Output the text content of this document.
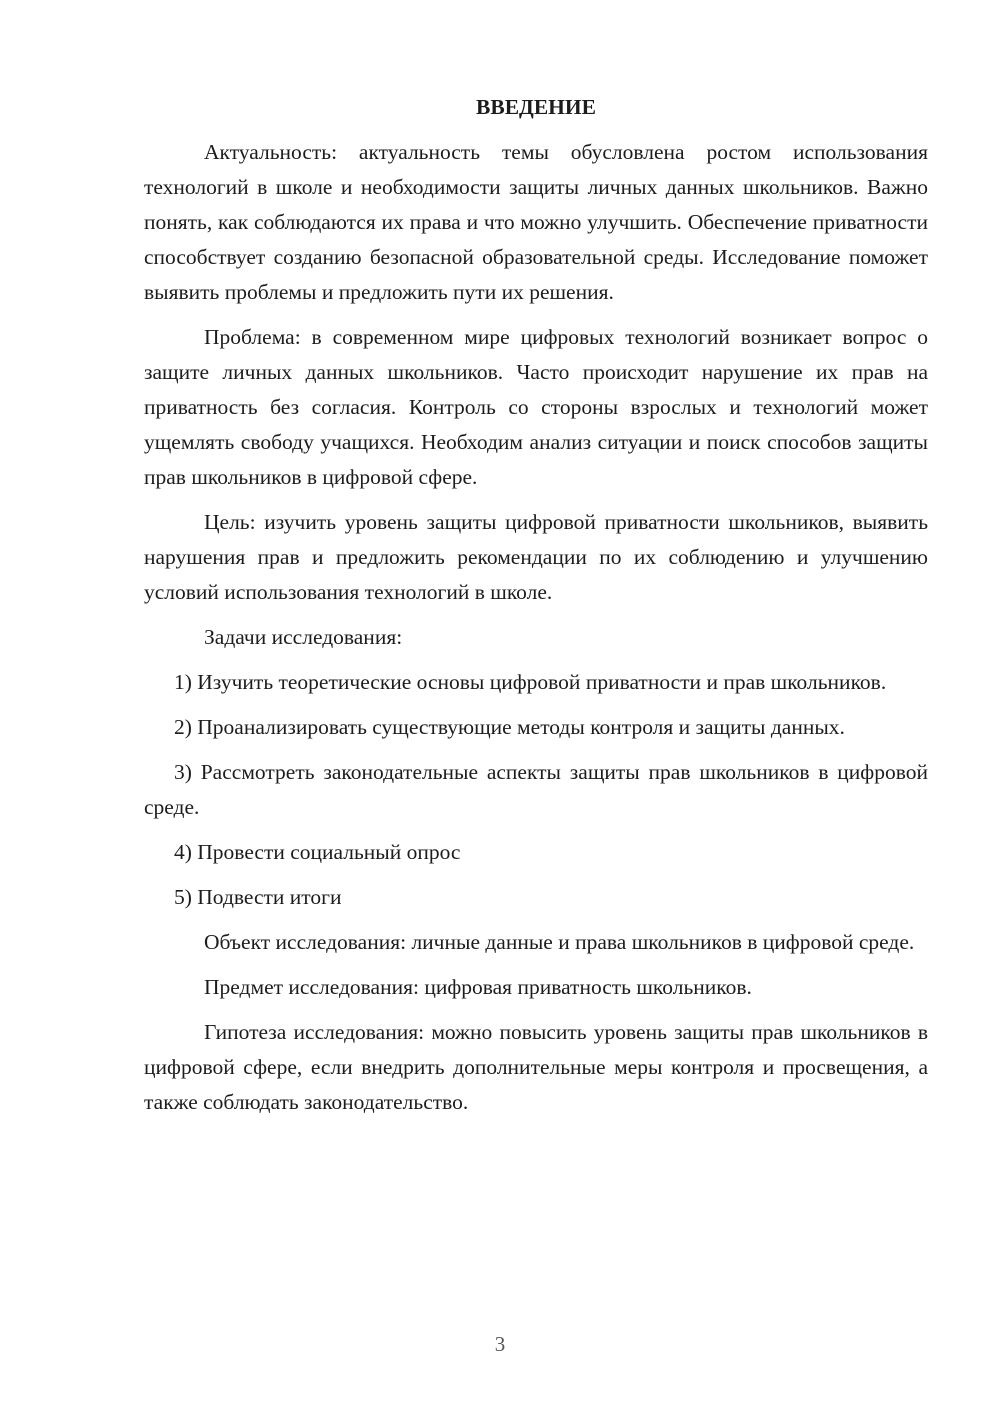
ВВЕДЕНИЕ

Актуальность: актуальность темы обусловлена ростом использования технологий в школе и необходимости защиты личных данных школьников. Важно понять, как соблюдаются их права и что можно улучшить. Обеспечение приватности способствует созданию безопасной образовательной среды. Исследование поможет выявить проблемы и предложить пути их решения.

Проблема: в современном мире цифровых технологий возникает вопрос о защите личных данных школьников. Часто происходит нарушение их прав на приватность без согласия. Контроль со стороны взрослых и технологий может ущемлять свободу учащихся. Необходим анализ ситуации и поиск способов защиты прав школьников в цифровой сфере.

Цель: изучить уровень защиты цифровой приватности школьников, выявить нарушения прав и предложить рекомендации по их соблюдению и улучшению условий использования технологий в школе.

Задачи исследования:

1) Изучить теоретические основы цифровой приватности и прав школьников.

2) Проанализировать существующие методы контроля и защиты данных.

3) Рассмотреть законодательные аспекты защиты прав школьников в цифровой среде.

4) Провести социальный опрос

5) Подвести итоги

Объект исследования: личные данные и права школьников в цифровой среде.

Предмет исследования: цифровая приватность школьников.

Гипотеза исследования: можно повысить уровень защиты прав школьников в цифровой сфере, если внедрить дополнительные меры контроля и просвещения, а также соблюдать законодательство.

3
